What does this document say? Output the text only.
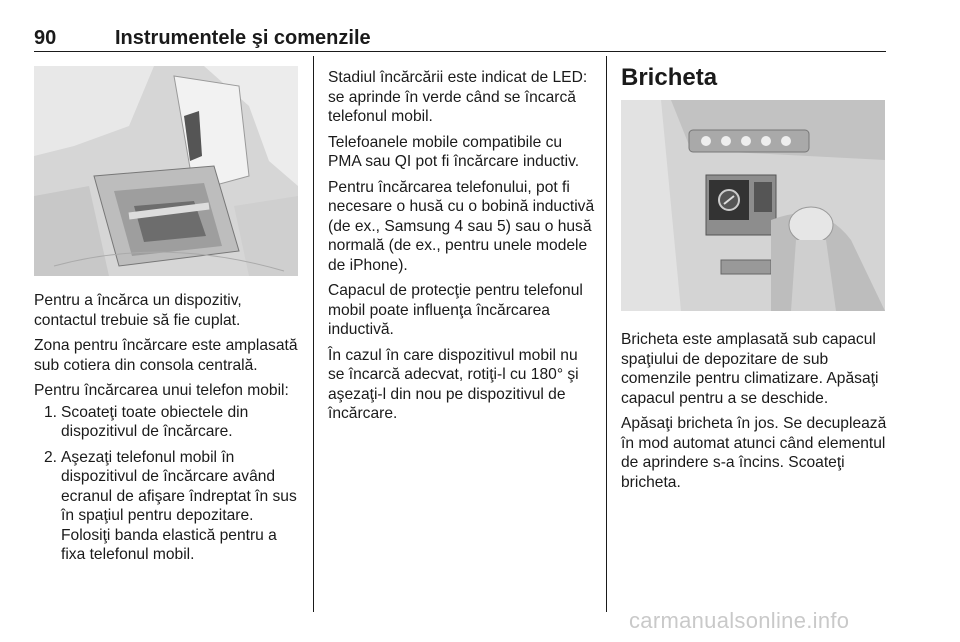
90	Instrumentele şi comenzile

Pentru a încărca un dispozitiv, contactul trebuie să fie cuplat.

Zona pentru încărcare este amplasată sub cotiera din consola centrală.

Pentru încărcarea unui telefon mobil:

1. Scoateţi toate obiectele din dispozitivul de încărcare.
2. Aşezaţi telefonul mobil în dispozitivul de încărcare având ecranul de afişare îndreptat în sus în spaţiul pentru depozitare. Folosiţi banda elastică pentru a fixa telefonul mobil.

Stadiul încărcării este indicat de LED: se aprinde în verde când se încarcă telefonul mobil.

Telefoanele mobile compatibile cu PMA sau QI pot fi încărcare inductiv.

Pentru încărcarea telefonului, pot fi necesare o husă cu o bobină inductivă (de ex., Samsung 4 sau 5) sau o husă normală (de ex., pentru unele modele de iPhone).

Capacul de protecţie pentru telefonul mobil poate influenţa încărcarea inductivă.

În cazul în care dispozitivul mobil nu se încarcă adecvat, rotiţi-l cu 180° şi aşezaţi-l din nou pe dispozitivul de încărcare.

Bricheta

Bricheta este amplasată sub capacul spaţiului de depozitare de sub comenzile pentru climatizare. Apăsaţi capacul pentru a se deschide.

Apăsaţi bricheta în jos. Se decuplează în mod automat atunci când elementul de aprindere s-a încins. Scoateţi bricheta.

carmanualsonline.info
